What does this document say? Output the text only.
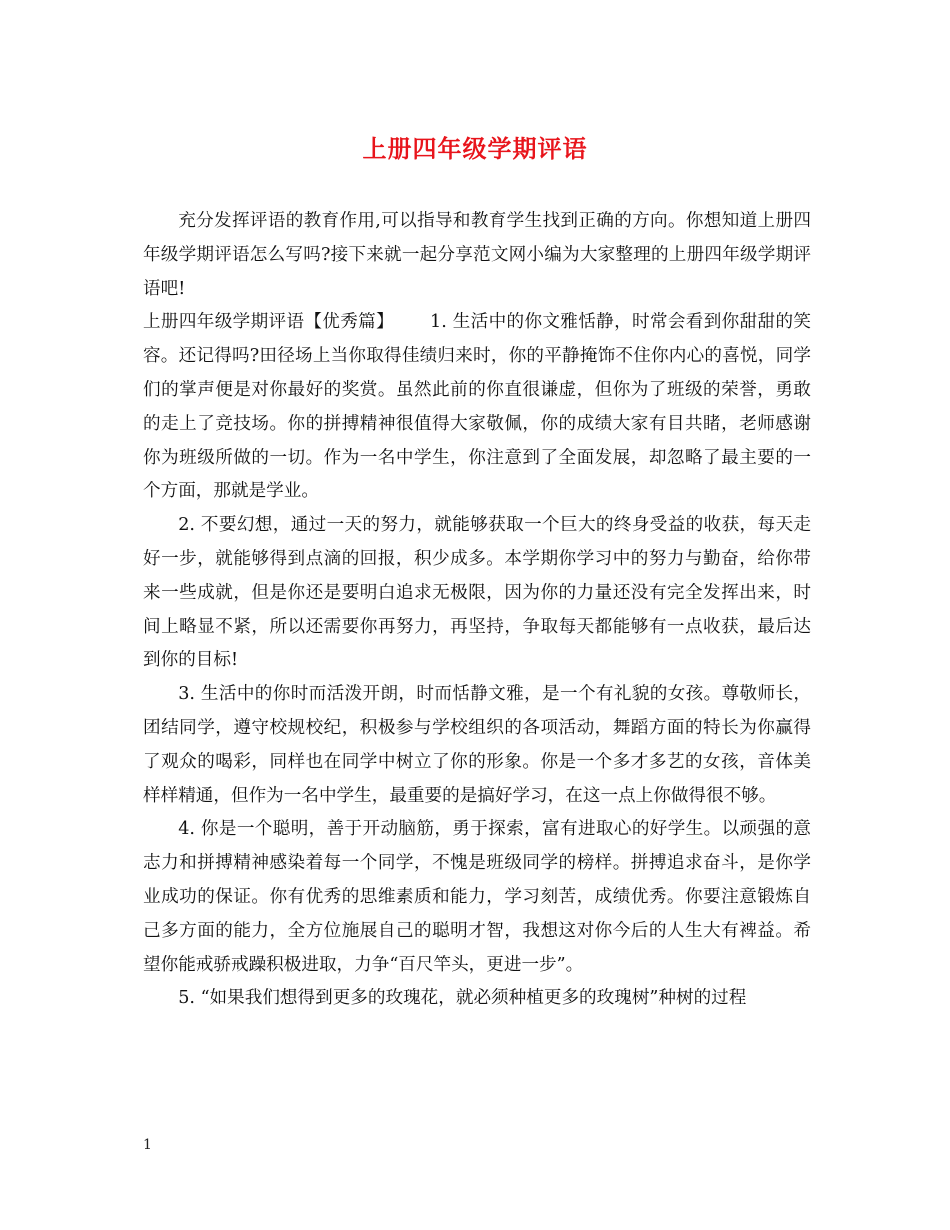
上册四年级学期评语

充分发挥评语的教育作用,可以指导和教育学生找到正确的方向。你想知道上册四年级学期评语怎么写吗?接下来就一起分享范文网小编为大家整理的上册四年级学期评语吧!

上册四年级学期评语【优秀篇】 1. 生活中的你文雅恬静，时常会看到你甜甜的笑容。还记得吗?田径场上当你取得佳绩归来时，你的平静掩饰不住你内心的喜悦，同学们的掌声便是对你最好的奖赏。虽然此前的你直很谦虚，但你为了班级的荣誉，勇敢的走上了竞技场。你的拼搏精神很值得大家敬佩，你的成绩大家有目共睹，老师感谢你为班级所做的一切。作为一名中学生，你注意到了全面发展，却忽略了最主要的一个方面，那就是学业。

2. 不要幻想，通过一天的努力，就能够获取一个巨大的终身受益的收获，每天走好一步，就能够得到点滴的回报，积少成多。本学期你学习中的努力与勤奋，给你带来一些成就，但是你还是要明白追求无极限，因为你的力量还没有完全发挥出来，时间上略显不紧，所以还需要你再努力，再坚持，争取每天都能够有一点收获，最后达到你的目标!

3. 生活中的你时而活泼开朗，时而恬静文雅，是一个有礼貌的女孩。尊敬师长，团结同学，遵守校规校纪，积极参与学校组织的各项活动，舞蹈方面的特长为你赢得了观众的喝彩，同样也在同学中树立了你的形象。你是一个多才多艺的女孩，音体美样样精通，但作为一名中学生，最重要的是搞好学习，在这一点上你做得很不够。

4. 你是一个聪明，善于开动脑筋，勇于探索，富有进取心的好学生。以顽强的意志力和拼搏精神感染着每一个同学，不愧是班级同学的榜样。拼搏追求奋斗，是你学业成功的保证。你有优秀的思维素质和能力，学习刻苦，成绩优秀。你要注意锻炼自己多方面的能力，全方位施展自己的聪明才智，我想这对你今后的人生大有裨益。希望你能戒骄戒躁积极进取，力争“百尺竿头，更进一步”。

5. “如果我们想得到更多的玫瑰花，就必须种植更多的玫瑰树”种树的过程

1
